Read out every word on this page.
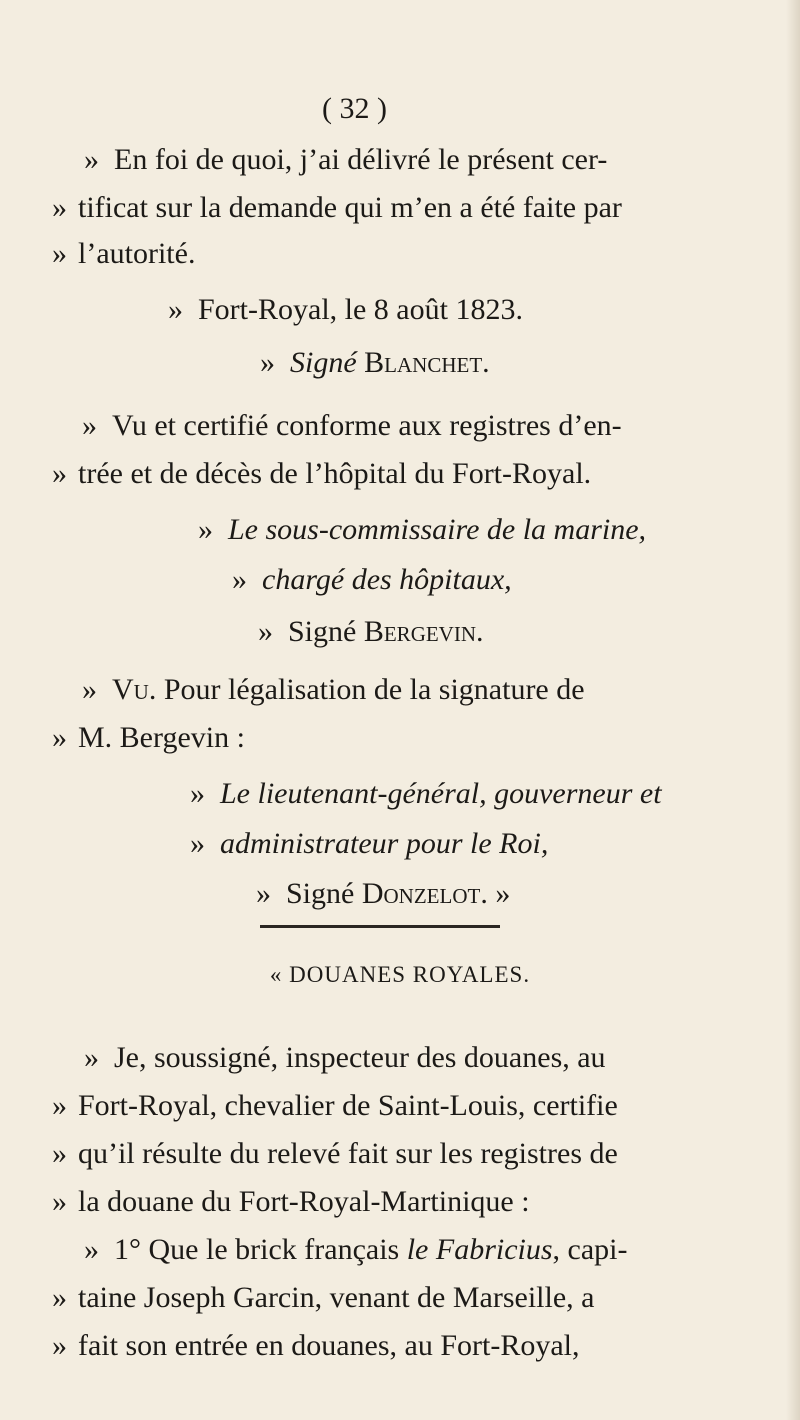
( 32 )
» En foi de quoi, j’ai délivré le présent cer-
» tificat sur la demande qui m’en a été faite par
» l’autorité.
» Fort-Royal, le 8 août 1823.
» Signé Blanchet.
» Vu et certifié conforme aux registres d’en-
» trée et de décès de l’hôpital du Fort-Royal.
» Le sous-commissaire de la marine,
» chargé des hôpitaux,
» Signé Bergevin.
» Vu. Pour légalisation de la signature de
» M. Bergevin :
» Le lieutenant-général, gouverneur et
» administrateur pour le Roi,
» Signé Donzelot. »
« DOUANES ROYALES.
» Je, soussigné, inspecteur des douanes, au
» Fort-Royal, chevalier de Saint-Louis, certifie
» qu’il résulte du relevé fait sur les registres de
» la douane du Fort-Royal-Martinique :
» 1° Que le brick français le Fabricius, capi-
» taine Joseph Garcin, venant de Marseille, a
» fait son entrée en douanes, au Fort-Royal,
